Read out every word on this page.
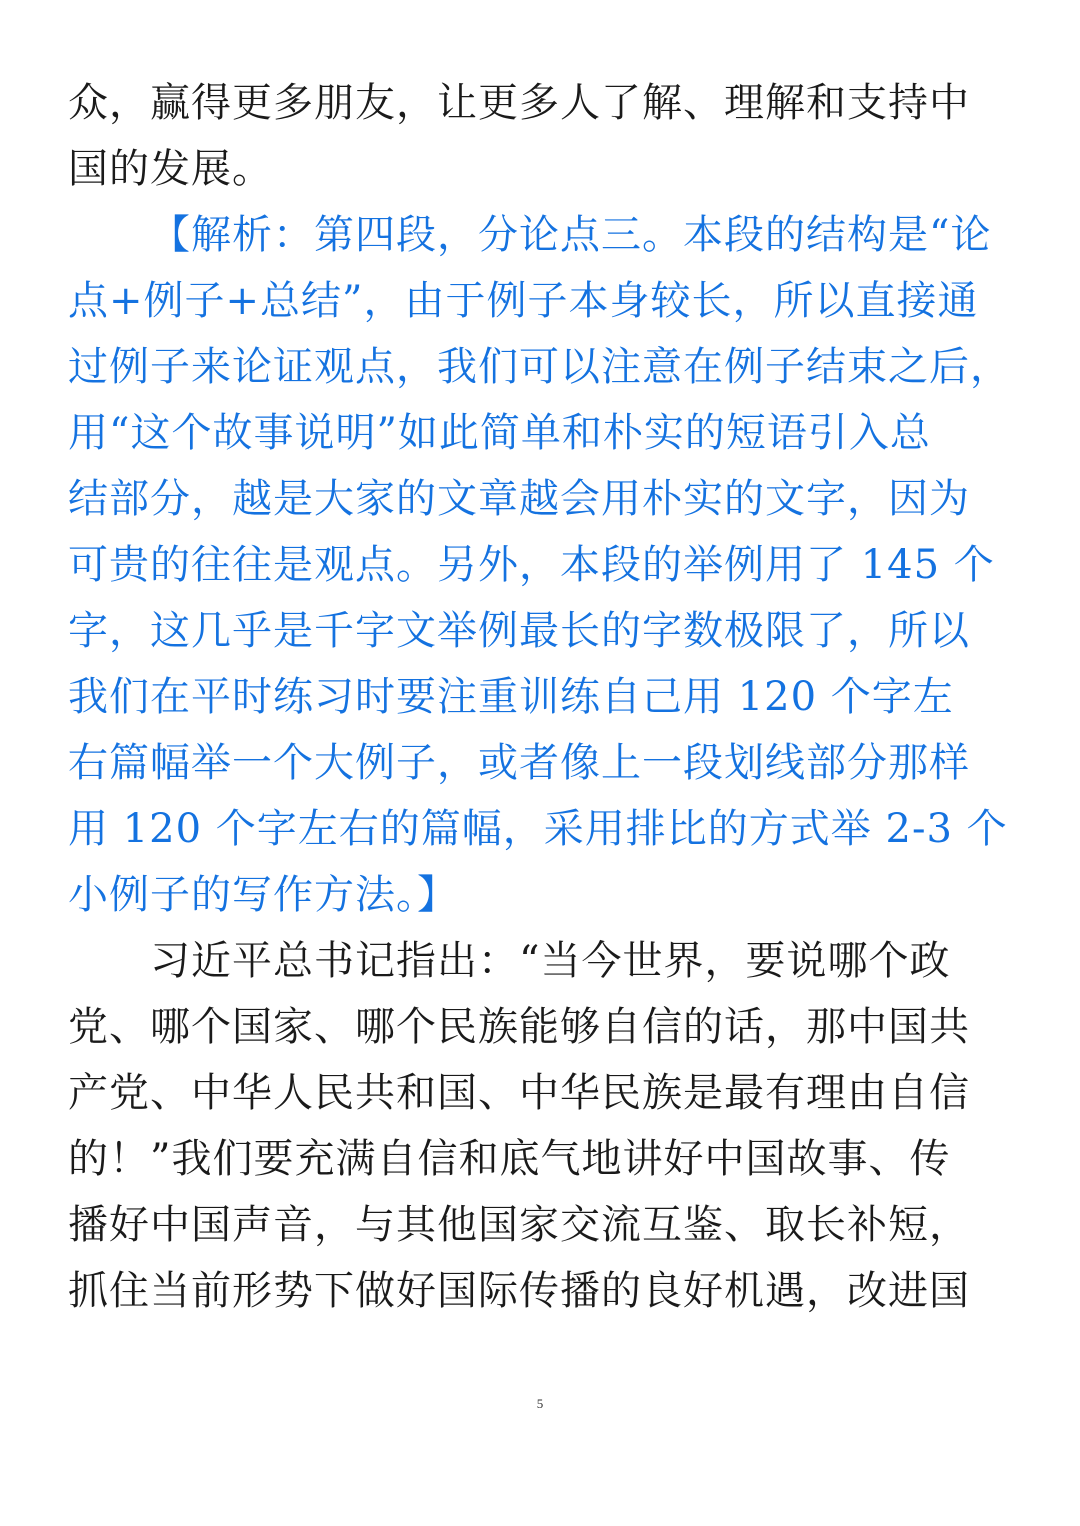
众，赢得更多朋友，让更多人了解、理解和支持中
国的发展。
【解析：第四段，分论点三。本段的结构是“论
点+例子+总结”，由于例子本身较长，所以直接通
过例子来论证观点，我们可以注意在例子结束之后，
用“这个故事说明”如此简单和朴实的短语引入总
结部分，越是大家的文章越会用朴实的文字，因为
可贵的往往是观点。另外，本段的举例用了 145 个
字，这几乎是千字文举例最长的字数极限了，所以
我们在平时练习时要注重训练自己用 120 个字左
右篇幅举一个大例子，或者像上一段划线部分那样
用 120 个字左右的篇幅，采用排比的方式举 2-3 个
小例子的写作方法。】
习近平总书记指出：“当今世界，要说哪个政
党、哪个国家、哪个民族能够自信的话，那中国共
产党、中华人民共和国、中华民族是最有理由自信
的！”我们要充满自信和底气地讲好中国故事、传
播好中国声音，与其他国家交流互鉴、取长补短，
抓住当前形势下做好国际传播的良好机遇，改进国
5
